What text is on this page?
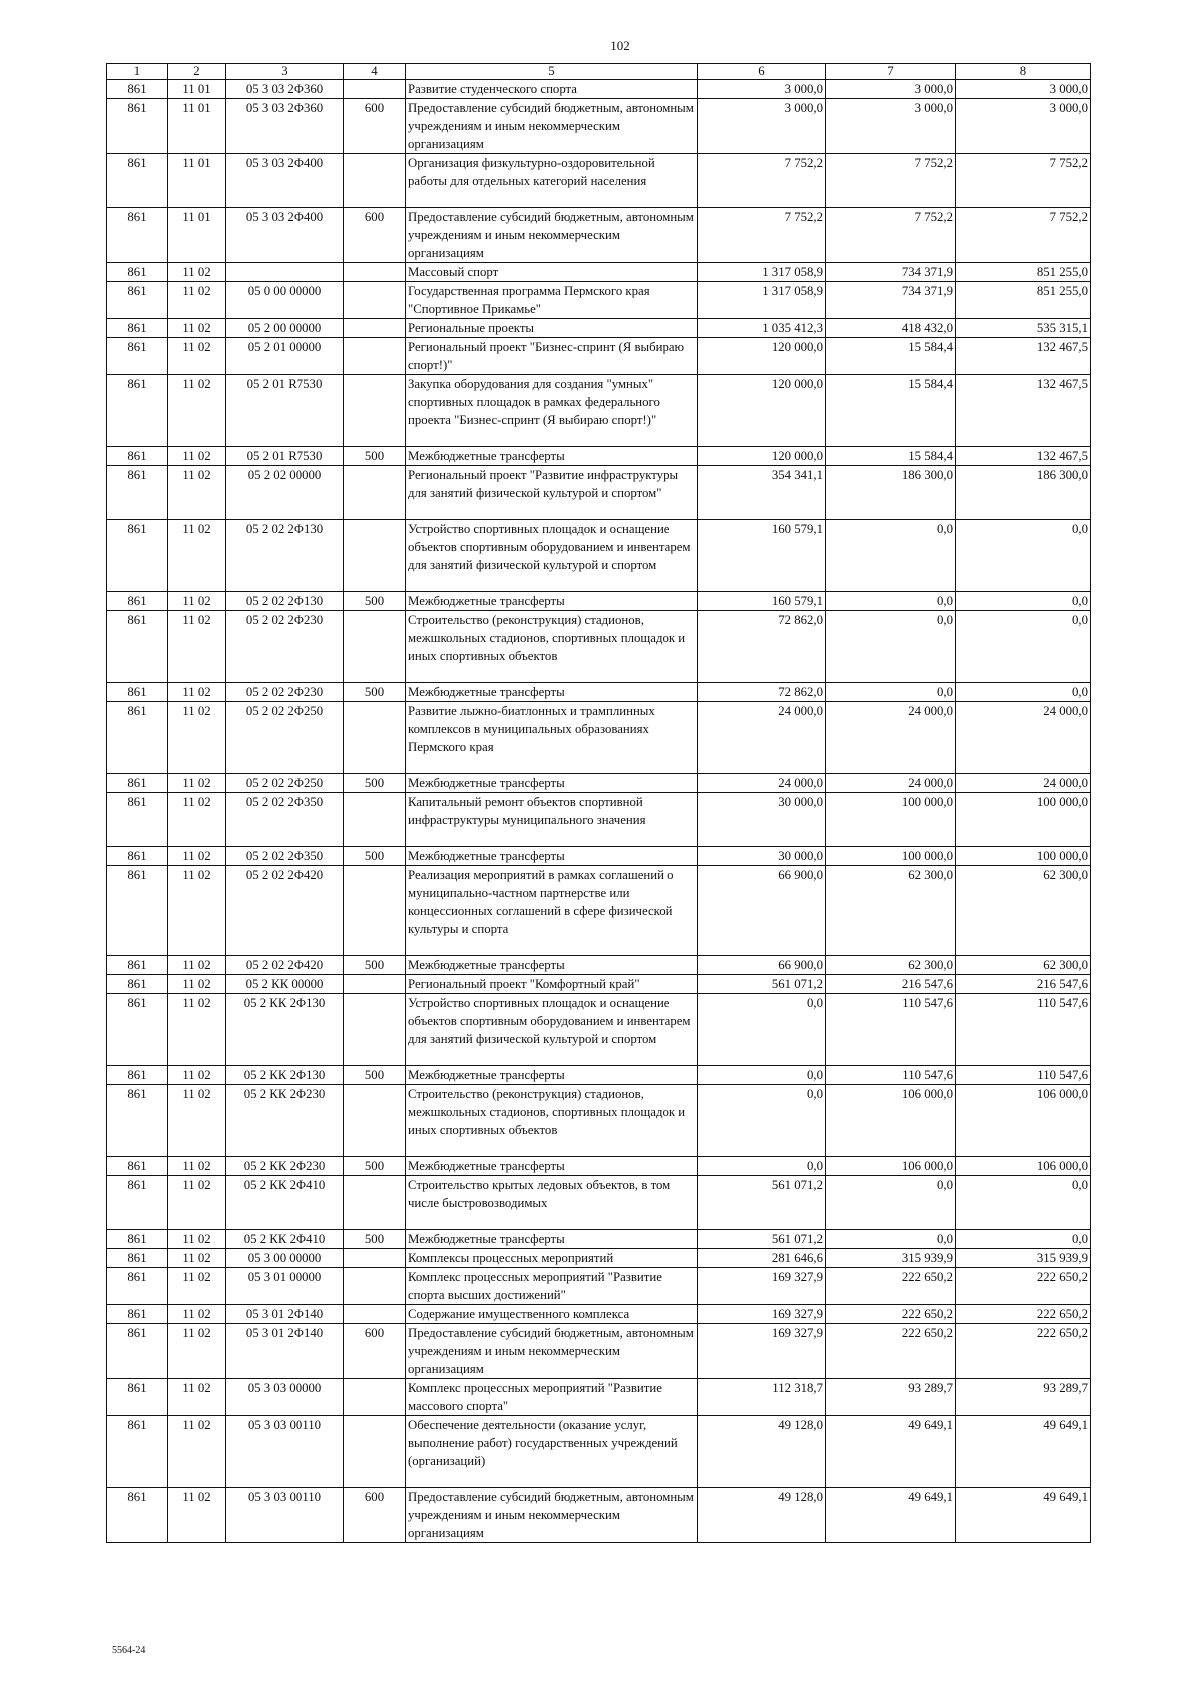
102
1	2	3	4	5	6	7	8
861	11 01	05 3 03 2Ф360		Развитие студенческого спорта	3 000,0	3 000,0	3 000,0
861	11 01	05 3 03 2Ф360	600	Предоставление субсидий бюджетным, автономным учреждениям и иным некоммерческим организациям	3 000,0	3 000,0	3 000,0
861	11 01	05 3 03 2Ф400		Организация физкультурно-оздоровительной работы для отдельных категорий населения	7 752,2	7 752,2	7 752,2
861	11 01	05 3 03 2Ф400	600	Предоставление субсидий бюджетным, автономным учреждениям и иным некоммерческим организациям	7 752,2	7 752,2	7 752,2
861	11 02			Массовый спорт	1 317 058,9	734 371,9	851 255,0
861	11 02	05 0 00 00000		Государственная программа Пермского края "Спортивное Прикамье"	1 317 058,9	734 371,9	851 255,0
861	11 02	05 2 00 00000		Региональные проекты	1 035 412,3	418 432,0	535 315,1
861	11 02	05 2 01 00000		Региональный проект "Бизнес-спринт (Я выбираю спорт!)"	120 000,0	15 584,4	132 467,5
861	11 02	05 2 01 R7530		Закупка оборудования для создания "умных" спортивных площадок в рамках федерального проекта "Бизнес-спринт (Я выбираю спорт!)"	120 000,0	15 584,4	132 467,5
861	11 02	05 2 01 R7530	500	Межбюджетные трансферты	120 000,0	15 584,4	132 467,5
861	11 02	05 2 02 00000		Региональный проект "Развитие инфраструктуры для занятий физической культурой и спортом"	354 341,1	186 300,0	186 300,0
861	11 02	05 2 02 2Ф130		Устройство спортивных площадок и оснащение объектов спортивным оборудованием и инвентарем для занятий физической культурой и спортом	160 579,1	0,0	0,0
861	11 02	05 2 02 2Ф130	500	Межбюджетные трансферты	160 579,1	0,0	0,0
861	11 02	05 2 02 2Ф230		Строительство (реконструкция) стадионов, межшкольных стадионов, спортивных площадок и иных спортивных объектов	72 862,0	0,0	0,0
861	11 02	05 2 02 2Ф230	500	Межбюджетные трансферты	72 862,0	0,0	0,0
861	11 02	05 2 02 2Ф250		Развитие лыжно-биатлонных и трамплинных комплексов в муниципальных образованиях Пермского края	24 000,0	24 000,0	24 000,0
861	11 02	05 2 02 2Ф250	500	Межбюджетные трансферты	24 000,0	24 000,0	24 000,0
861	11 02	05 2 02 2Ф350		Капитальный ремонт объектов спортивной инфраструктуры муниципального значения	30 000,0	100 000,0	100 000,0
861	11 02	05 2 02 2Ф350	500	Межбюджетные трансферты	30 000,0	100 000,0	100 000,0
861	11 02	05 2 02 2Ф420		Реализация мероприятий в рамках соглашений о муниципально-частном партнерстве или концессионных соглашений в сфере физической культуры и спорта	66 900,0	62 300,0	62 300,0
861	11 02	05 2 02 2Ф420	500	Межбюджетные трансферты	66 900,0	62 300,0	62 300,0
861	11 02	05 2 КК 00000		Региональный проект "Комфортный край"	561 071,2	216 547,6	216 547,6
861	11 02	05 2 КК 2Ф130		Устройство спортивных площадок и оснащение объектов спортивным оборудованием и инвентарем для занятий физической культурой и спортом	0,0	110 547,6	110 547,6
861	11 02	05 2 КК 2Ф130	500	Межбюджетные трансферты	0,0	110 547,6	110 547,6
861	11 02	05 2 КК 2Ф230		Строительство (реконструкция) стадионов, межшкольных стадионов, спортивных площадок и иных спортивных объектов	0,0	106 000,0	106 000,0
861	11 02	05 2 КК 2Ф230	500	Межбюджетные трансферты	0,0	106 000,0	106 000,0
861	11 02	05 2 КК 2Ф410		Строительство крытых ледовых объектов, в том числе быстровозводимых	561 071,2	0,0	0,0
861	11 02	05 2 КК 2Ф410	500	Межбюджетные трансферты	561 071,2	0,0	0,0
861	11 02	05 3 00 00000		Комплексы процессных мероприятий	281 646,6	315 939,9	315 939,9
861	11 02	05 3 01 00000		Комплекс процессных мероприятий "Развитие спорта высших достижений"	169 327,9	222 650,2	222 650,2
861	11 02	05 3 01 2Ф140		Содержание имущественного комплекса	169 327,9	222 650,2	222 650,2
861	11 02	05 3 01 2Ф140	600	Предоставление субсидий бюджетным, автономным учреждениям и иным некоммерческим организациям	169 327,9	222 650,2	222 650,2
861	11 02	05 3 03 00000		Комплекс процессных мероприятий "Развитие массового спорта"	112 318,7	93 289,7	93 289,7
861	11 02	05 3 03 00110		Обеспечение деятельности (оказание услуг, выполнение работ) государственных учреждений (организаций)	49 128,0	49 649,1	49 649,1
861	11 02	05 3 03 00110	600	Предоставление субсидий бюджетным, автономным учреждениям и иным некоммерческим организациям	49 128,0	49 649,1	49 649,1
5564-24
